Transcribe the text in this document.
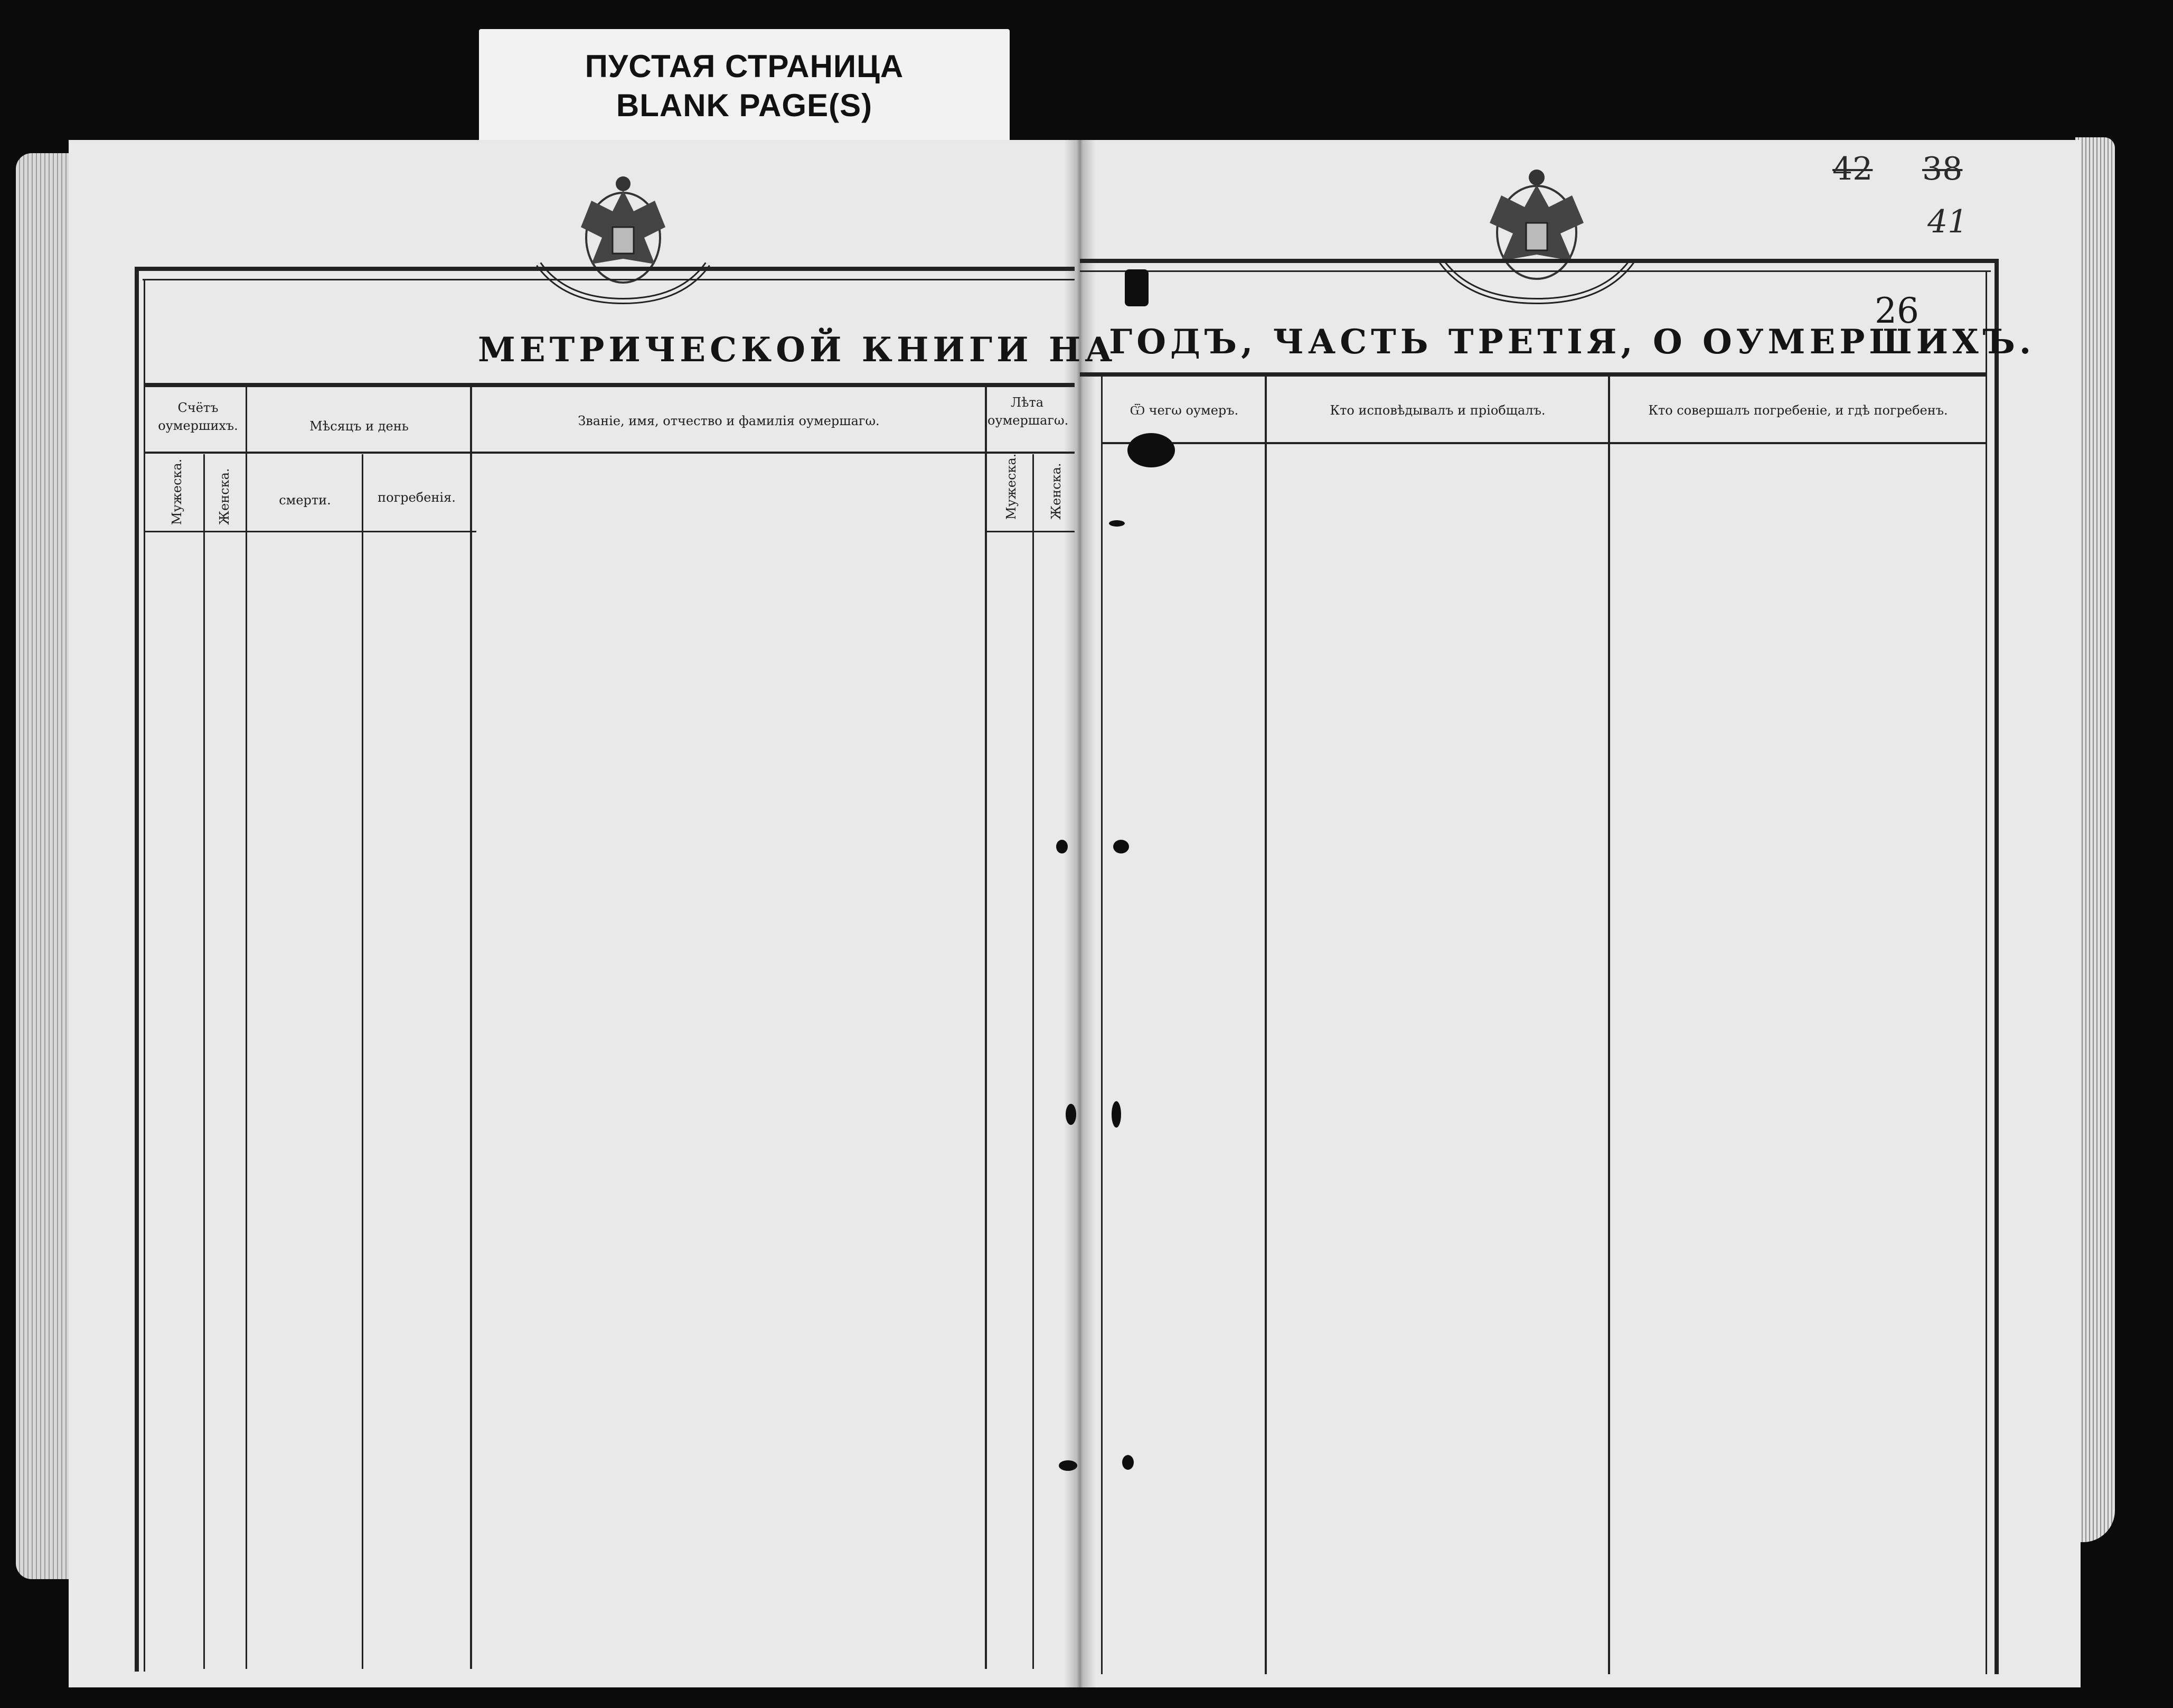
ПУСТАЯ СТРАНИЦА
BLANK PAGE(S)
МЕТРИЧЕСКОЙ КНИГИ НА
Счётъ оумершихъ.
Мужеска.	Женска.
Мѣсяцъ и день
смерти.	погребенія.
Званіе, имя, отчество и фамилія оумершагω.
Лѣта оумершагω.
Мужеска. Женска.
ГОДЪ, ЧАСТЬ ТРЕТІЯ, О ОУМЕРШИХЪ.
26
42 38
41
Ѿ чегω оумеръ.	Кто исповѣдывалъ и пріобщалъ.	Кто совершалъ погребеніе, и гдѣ погребенъ.
